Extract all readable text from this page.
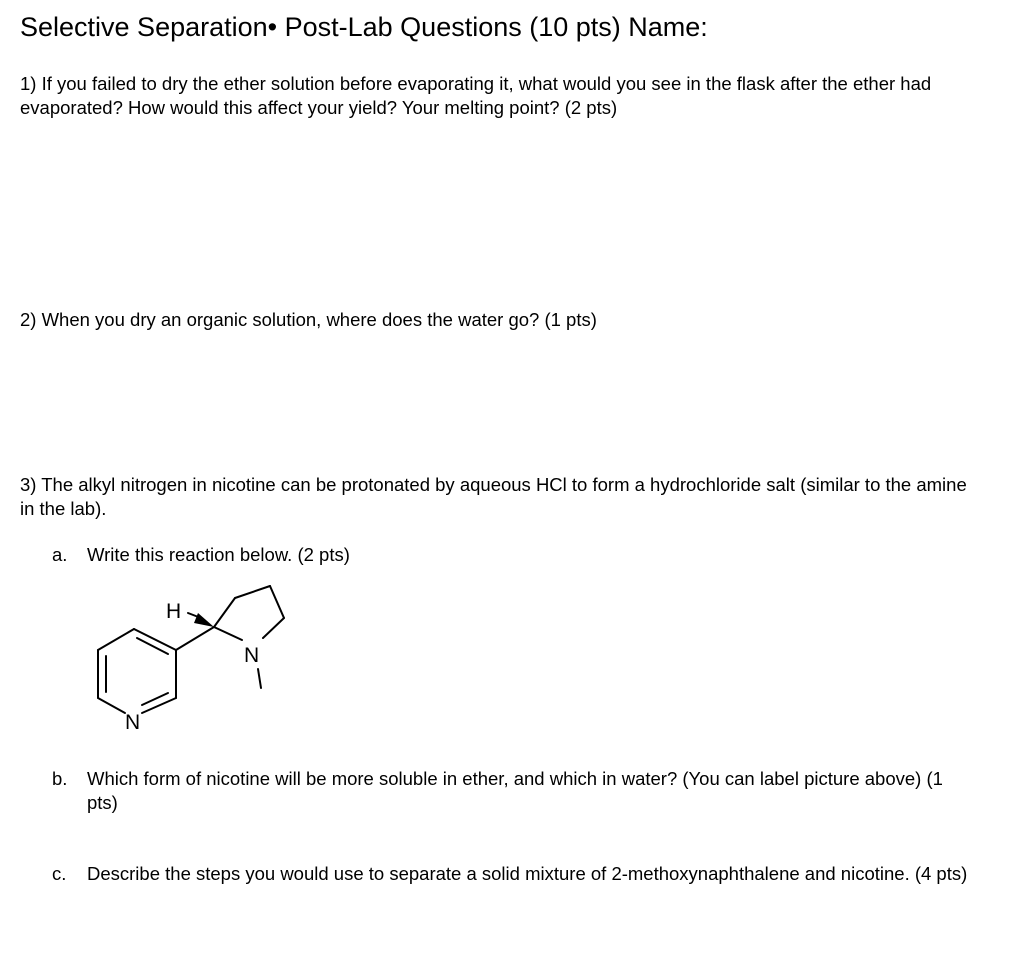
Selective Separation• Post-Lab Questions (10 pts) Name:
1) If you failed to dry the ether solution before evaporating it, what would you see in the flask after the ether had evaporated? How would this affect your yield? Your melting point? (2 pts)
2) When you dry an organic solution, where does the water go? (1 pts)
3) The alkyl nitrogen in nicotine can be protonated by aqueous HCl to form a hydrochloride salt (similar to the amine in the lab).
a. Write this reaction below. (2 pts)
H
N
N
b. Which form of nicotine will be more soluble in ether, and which in water? (You can label picture above) (1 pts)
c. Describe the steps you would use to separate a solid mixture of 2-methoxynaphthalene and nicotine. (4 pts)
